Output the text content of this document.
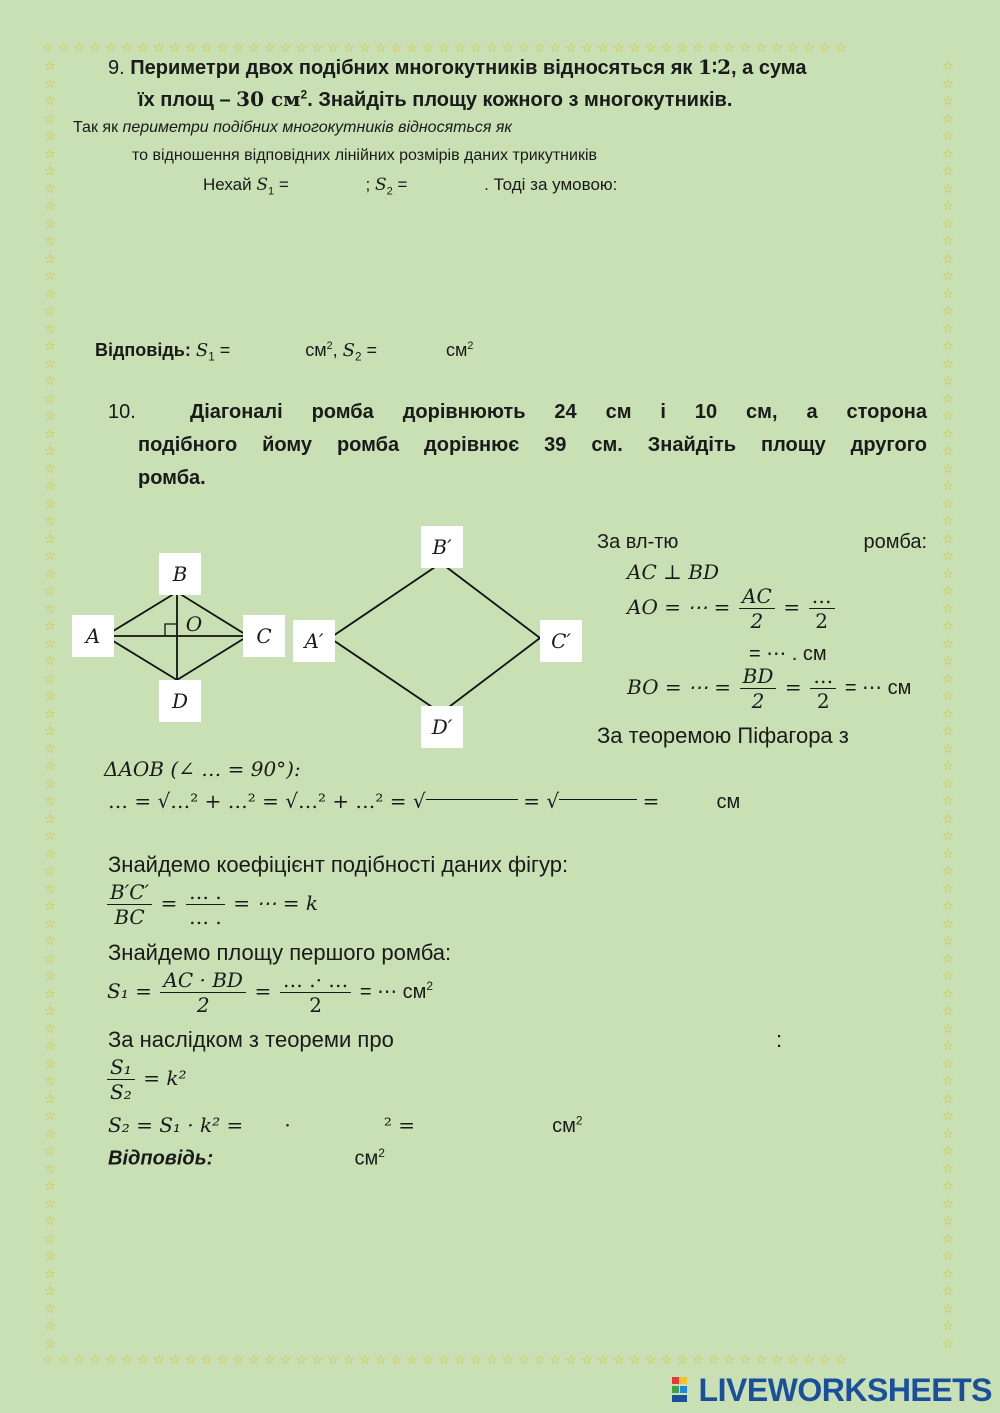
☆☆☆☆☆☆☆☆☆☆☆☆☆☆☆☆☆☆☆☆☆☆☆☆☆☆☆☆☆☆☆☆☆☆☆☆☆☆☆☆☆☆☆☆☆☆☆☆☆☆☆
☆☆☆☆☆☆☆☆☆☆☆☆☆☆☆☆☆☆☆☆☆☆☆☆☆☆☆☆☆☆☆☆☆☆☆☆☆☆☆☆☆☆☆☆☆☆☆☆☆☆☆
☆
☆
☆
☆
☆
☆
☆
☆
☆
☆
☆
☆
☆
☆
☆
☆
☆
☆
☆
☆
☆
☆
☆
☆
☆
☆
☆
☆
☆
☆
☆
☆
☆
☆
☆
☆
☆
☆
☆
☆
☆
☆
☆
☆
☆
☆
☆
☆
☆
☆
☆
☆
☆
☆
☆
☆
☆
☆
☆
☆
☆
☆
☆
☆
☆
☆
☆
☆
☆
☆
☆
☆
☆
☆
☆
☆
☆
☆
☆
☆
☆
☆
☆
☆
☆
☆
☆
☆
☆
☆
☆
☆
☆
☆
☆
☆
☆
☆
☆
☆
☆
☆
☆
☆
☆
☆
☆
☆
☆
☆
☆
☆
☆
☆
☆
☆
☆
☆
☆
☆
☆
☆
☆
☆
☆
☆
☆
☆
☆
☆
☆
☆
☆
☆
☆
☆
☆
☆
☆
☆
☆
☆
☆
☆
☆
☆
☆
☆
9. Периметри двох подібних многокутників відносяться як 1∶2, а сума
їх площ – 30 $см^2$. Знайдіть площу кожного з многокутників.
Так як периметри подібних многокутників відносяться як
то відношення відповідних лінійних розмірів даних трикутників
Нехай $S_1$ =	; $S_2$ =	. Тоді за умовою:
Відповідь: $S_1$ =	$см^2$, $S_2$ =	$см^2$
10.	Діагоналі ромба дорівнюють 24 см і 10 см, а сторона
подібного йому ромба дорівнює 39 см. Знайдіть площу другого
ромба.
B
A	C
D
O
B′
A′	C′
D′
За вл-тю	ромба:
AC ⊥ BD
AO = ⋯ = $\frac{AC}{2} = \frac{\dots}{2}$
= ⋯ . см
BO = ⋯ = $\frac{BD}{2} = \frac{\dots}{2}$ = ⋯ см
За теоремою Піфагора з
ΔAOB (∠ … = 90°):
… = √…² + …² = √…² + …² = √	= √	=	см
Знайдемо коефіцієнт подібності даних фігур:
$\frac{B'C'}{BC} = \frac{\dots .}{\dots .}$ = ⋯ = k
Знайдемо площу першого ромба:
$S_1 = \frac{AC \cdot BD}{2} = \frac{\dots .\cdot \dots}{2}$ = ⋯ $см^2$
За наслідком з теореми про	:
$\frac{\text{S₁}}{\text{S₂}} = k^2$
S₂ = S₁ · k² = ·	² =	$см^2$
Відповідь:	$см^2$
LIVEWORKSHEETS
